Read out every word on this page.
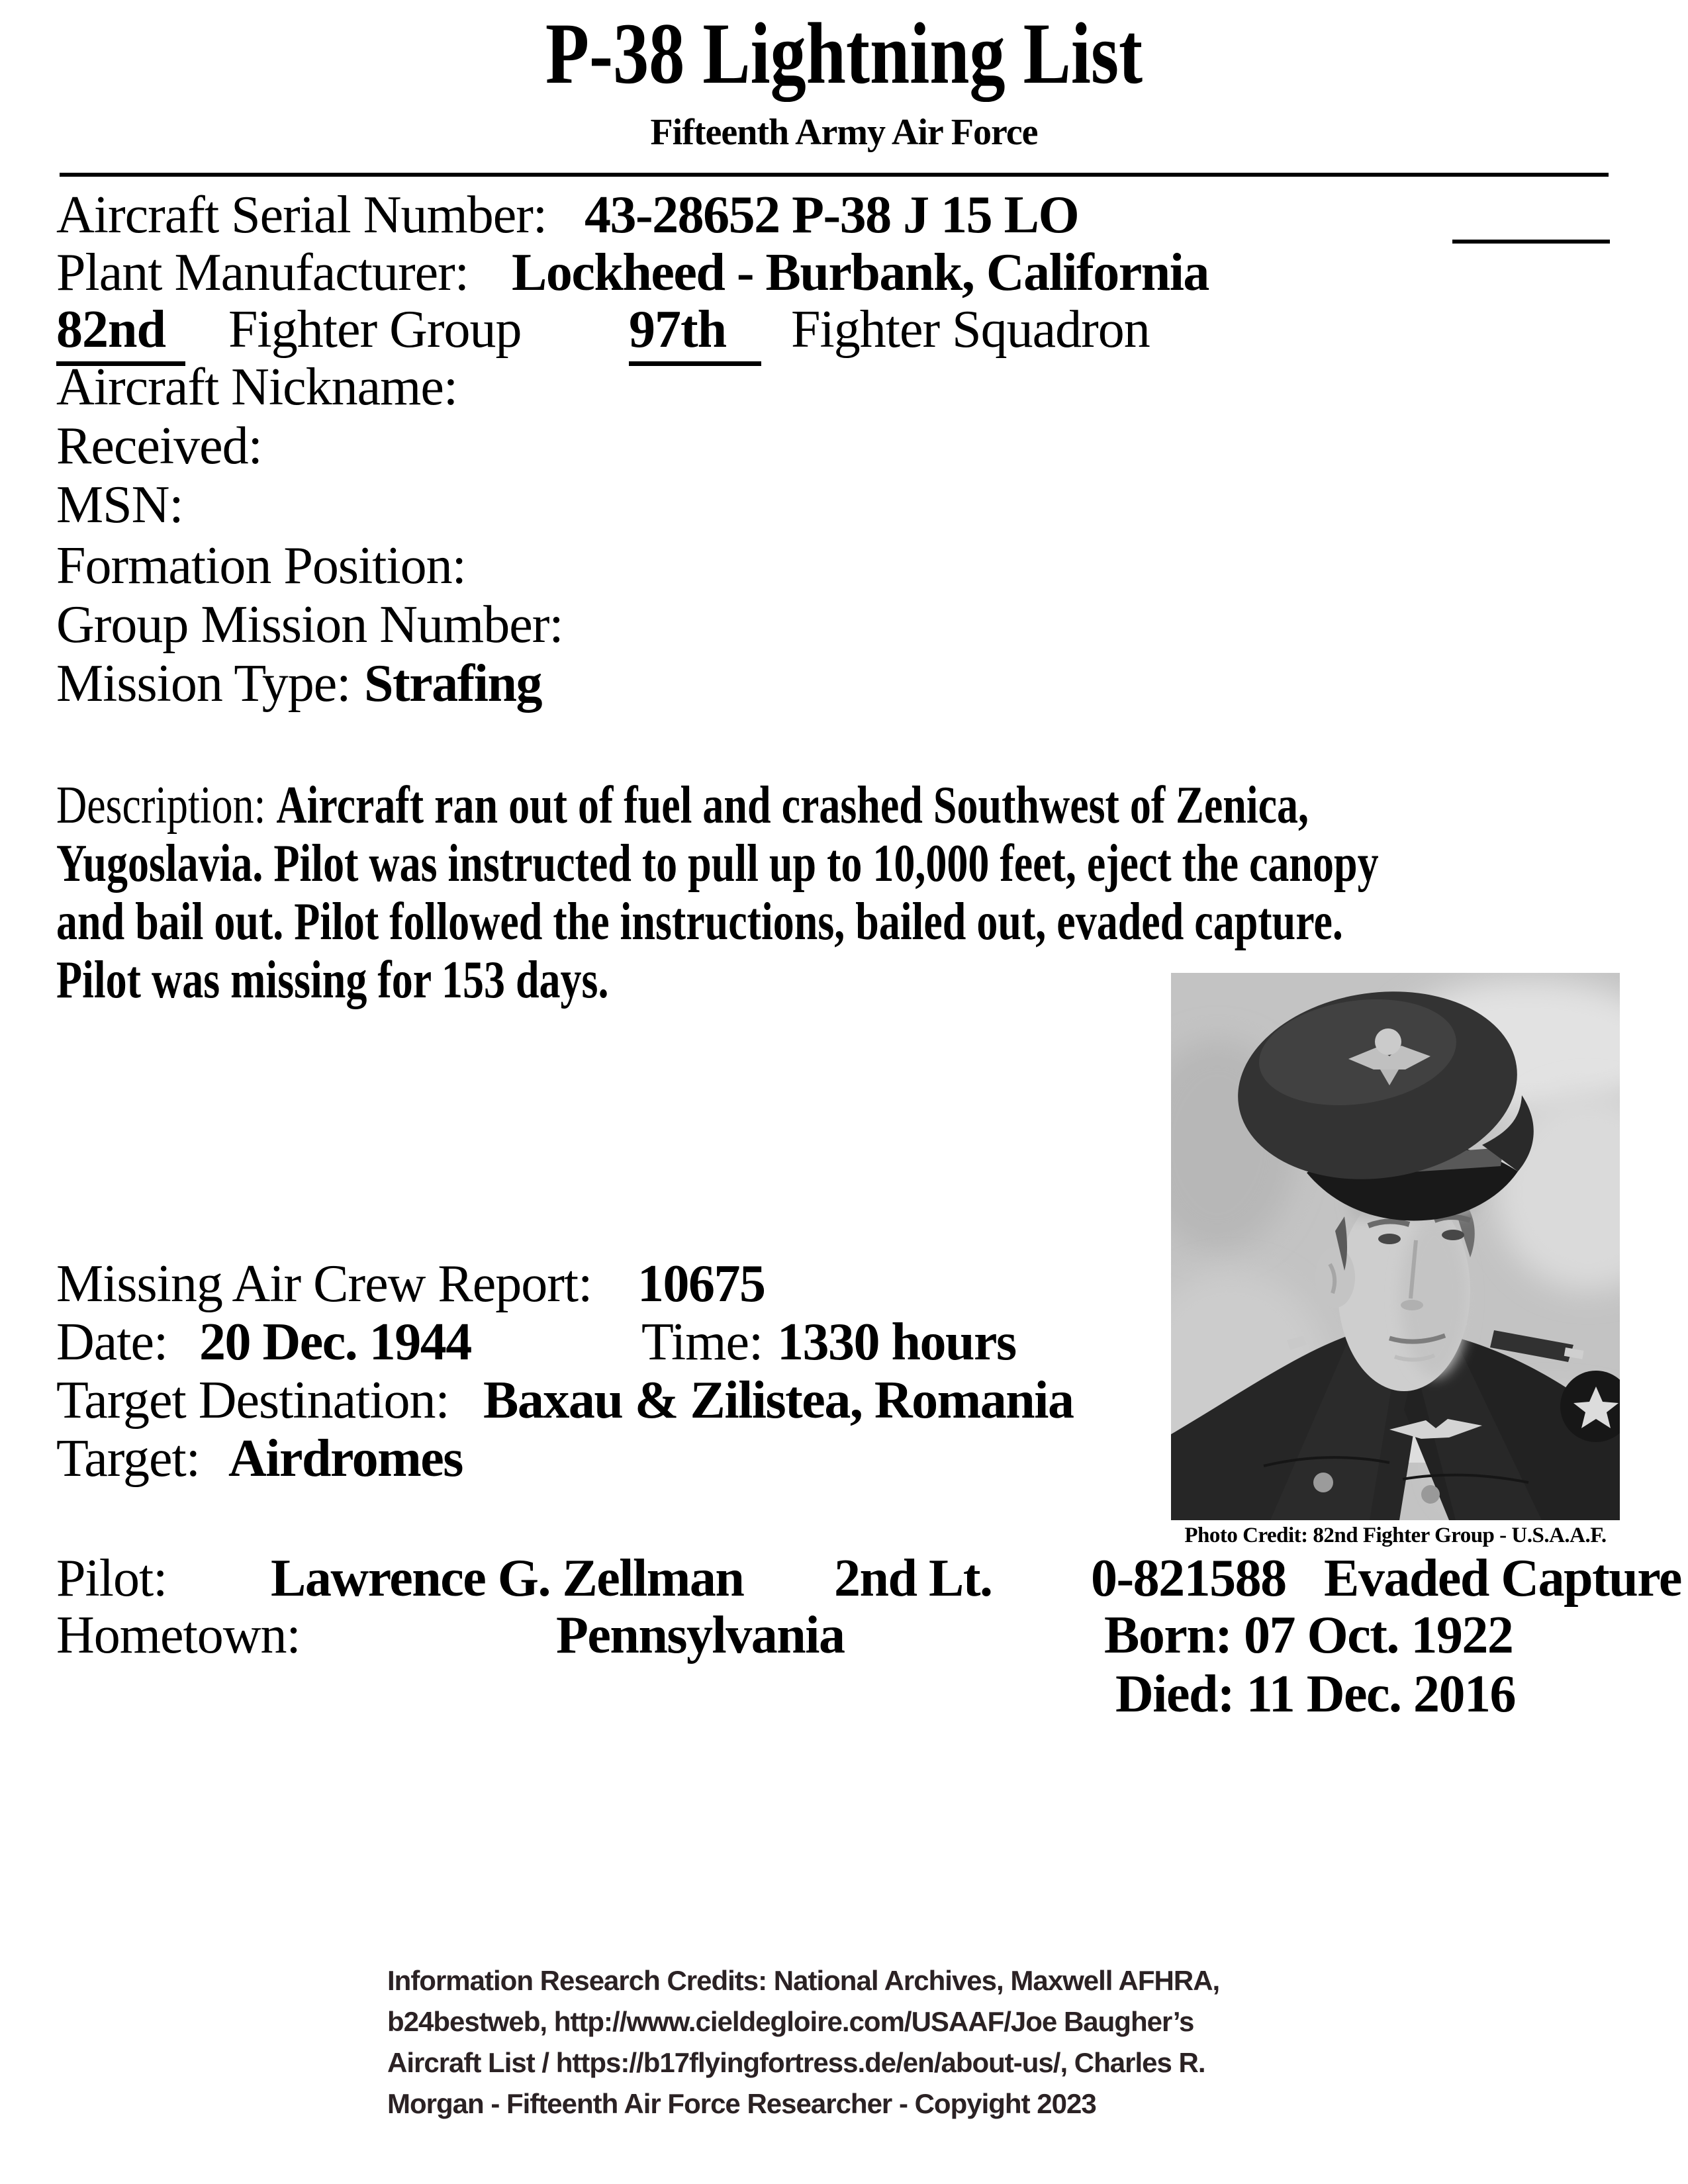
P-38 Lightning List
Fifteenth Army Air Force
Aircraft Serial Number: 43-28652 P-38 J 15 LO
Plant Manufacturer: Lockheed - Burbank, California
82nd	Fighter Group 97th	Fighter Squadron
Aircraft Nickname:
Received:
MSN:
Formation Position:
Group Mission Number:
Mission Type: Strafing
Description: Aircraft ran out of fuel and crashed Southwest of Zenica,
Yugoslavia. Pilot was instructed to pull up to 10,000 feet, eject the canopy
and bail out. Pilot followed the instructions, bailed out, evaded capture.
Pilot was missing for 153 days.
Missing Air Crew Report: 10675
Date: 20 Dec. 1944	Time: 1330 hours
Target Destination: Baxau & Zilistea, Romania
Target: Airdromes
Photo Credit: 82nd Fighter Group - U.S.A.A.F.
Pilot: Lawrence G. Zellman 2nd Lt. 0-821588 Evaded Capture
Hometown:	Pennsylvania	Born: 07 Oct. 1922
Died: 11 Dec. 2016
Information Research Credits: National Archives, Maxwell AFHRA,
b24bestweb, http://www.cieldegloire.com/USAAF/Joe Baugher’s
Aircraft List / https://b17flyingfortress.de/en/about-us/, Charles R.
Morgan - Fifteenth Air Force Researcher - Copyight 2023
